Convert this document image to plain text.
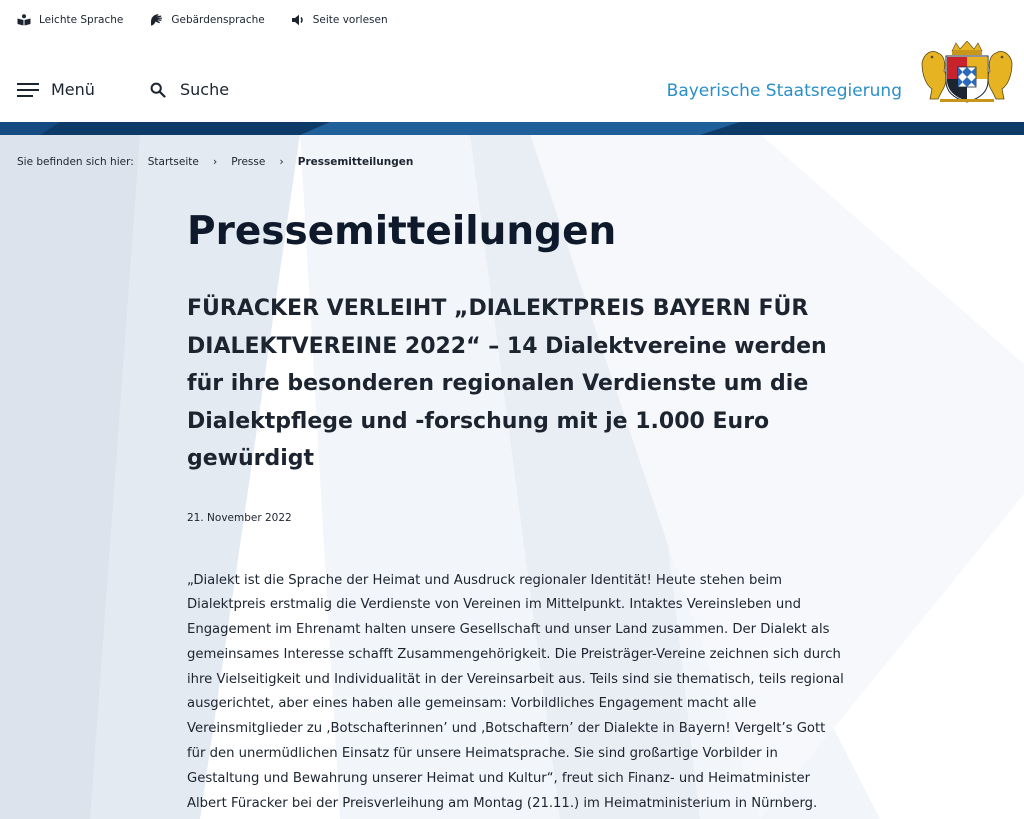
Leichte Sprache	Gebärdensprache	Seite vorlesen
Menü	Suche	Bayerische Staatsregierung
Sie befinden sich hier: Startseite › Presse › Pressemitteilungen
Pressemitteilungen
FÜRACKER VERLEIHT „DIALEKTPREIS BAYERN FÜR DIALEKTVEREINE 2022“ – 14 Dialektvereine werden für ihre besonderen regionalen Verdienste um die Dialektpflege und -forschung mit je 1.000 Euro gewürdigt
21. November 2022

„Dialekt ist die Sprache der Heimat und Ausdruck regionaler Identität! Heute stehen beim Dialektpreis erstmalig die Verdienste von Vereinen im Mittelpunkt. Intaktes Vereinsleben und Engagement im Ehrenamt halten unsere Gesellschaft und unser Land zusammen. Der Dialekt als gemeinsames Interesse schafft Zusammengehörigkeit. Die Preisträger-Vereine zeichnen sich durch ihre Vielseitigkeit und Individualität in der Vereinsarbeit aus. Teils sind sie thematisch, teils regional ausgerichtet, aber eines haben alle gemeinsam: Vorbildliches Engagement macht alle Vereinsmitglieder zu ‚Botschafterinnen’ und ‚Botschaftern’ der Dialekte in Bayern! Vergelt’s Gott für den unermüdlichen Einsatz für unsere Heimatsprache. Sie sind großartige Vorbilder in Gestaltung und Bewahrung unserer Heimat und Kultur“, freut sich Finanz- und Heimatminister Albert Füracker bei der Preisverleihung am Montag (21.11.) im Heimatministerium in Nürnberg.
